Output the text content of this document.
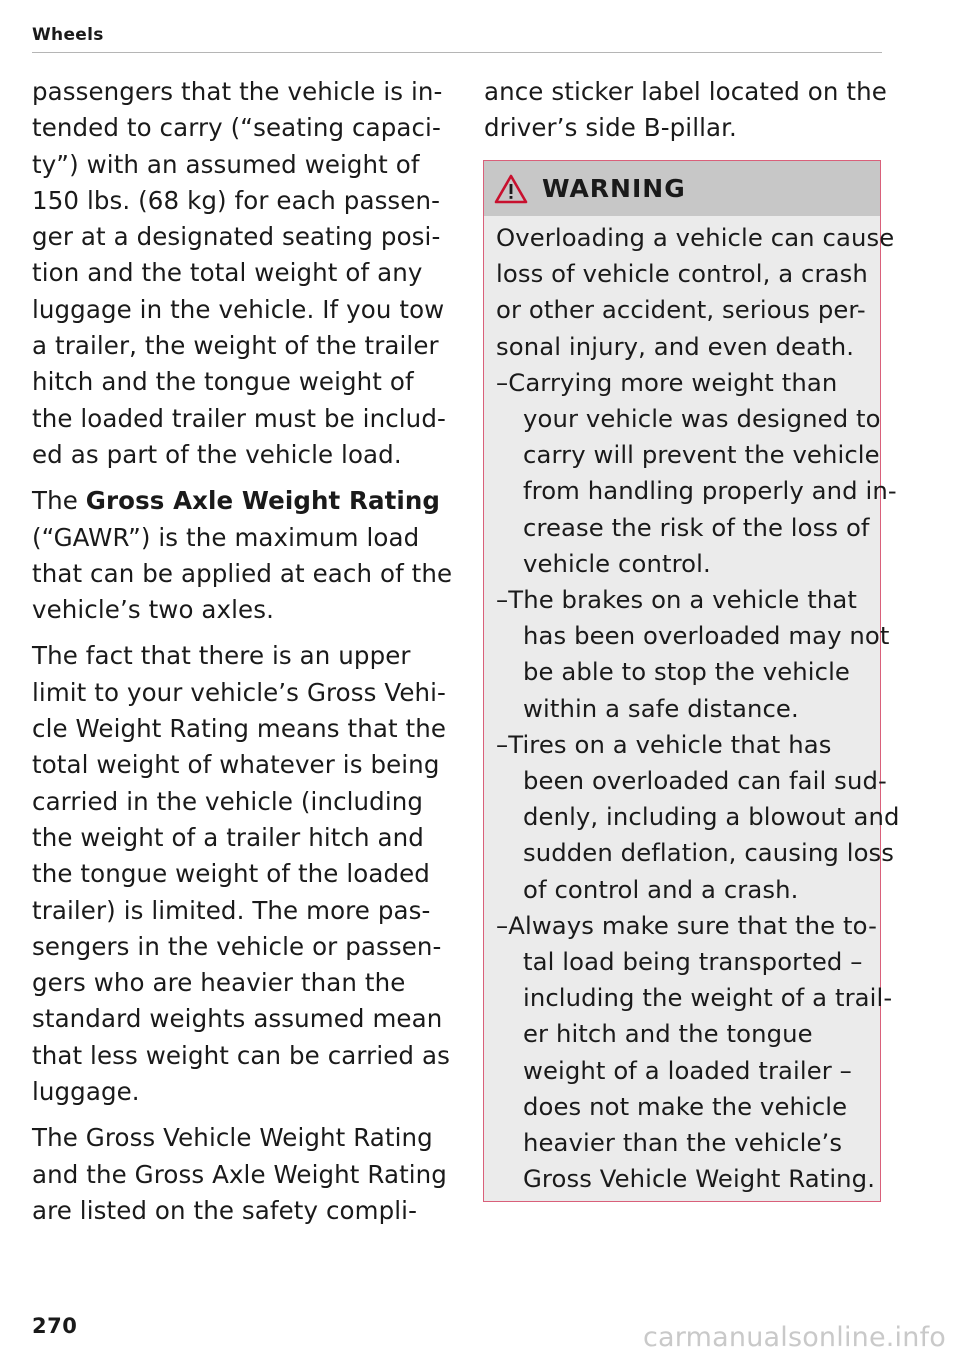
Wheels

passengers that the vehicle is in-
tended to carry (“seating capaci-
ty”) with an assumed weight of
150 lbs. (68 kg) for each passen-
ger at a designated seating posi-
tion and the total weight of any
luggage in the vehicle. If you tow
a trailer, the weight of the trailer
hitch and the tongue weight of
the loaded trailer must be includ-
ed as part of the vehicle load.

The Gross Axle Weight Rating
(“GAWR”) is the maximum load
that can be applied at each of the
vehicle’s two axles.

The fact that there is an upper
limit to your vehicle’s Gross Vehi-
cle Weight Rating means that the
total weight of whatever is being
carried in the vehicle (including
the weight of a trailer hitch and
the tongue weight of the loaded
trailer) is limited. The more pas-
sengers in the vehicle or passen-
gers who are heavier than the
standard weights assumed mean
that less weight can be carried as
luggage.

The Gross Vehicle Weight Rating
and the Gross Axle Weight Rating
are listed on the safety compli-

ance sticker label located on the
driver’s side B-pillar.

WARNING

Overloading a vehicle can cause
loss of vehicle control, a crash
or other accident, serious per-
sonal injury, and even death.

–Carrying more weight than
your vehicle was designed to
carry will prevent the vehicle
from handling properly and in-
crease the risk of the loss of
vehicle control.

–The brakes on a vehicle that
has been overloaded may not
be able to stop the vehicle
within a safe distance.

–Tires on a vehicle that has
been overloaded can fail sud-
denly, including a blowout and
sudden deflation, causing loss
of control and a crash.

–Always make sure that the to-
tal load being transported –
including the weight of a trail-
er hitch and the tongue
weight of a loaded trailer –
does not make the vehicle
heavier than the vehicle’s
Gross Vehicle Weight Rating.

270	carmanualsonline.info
